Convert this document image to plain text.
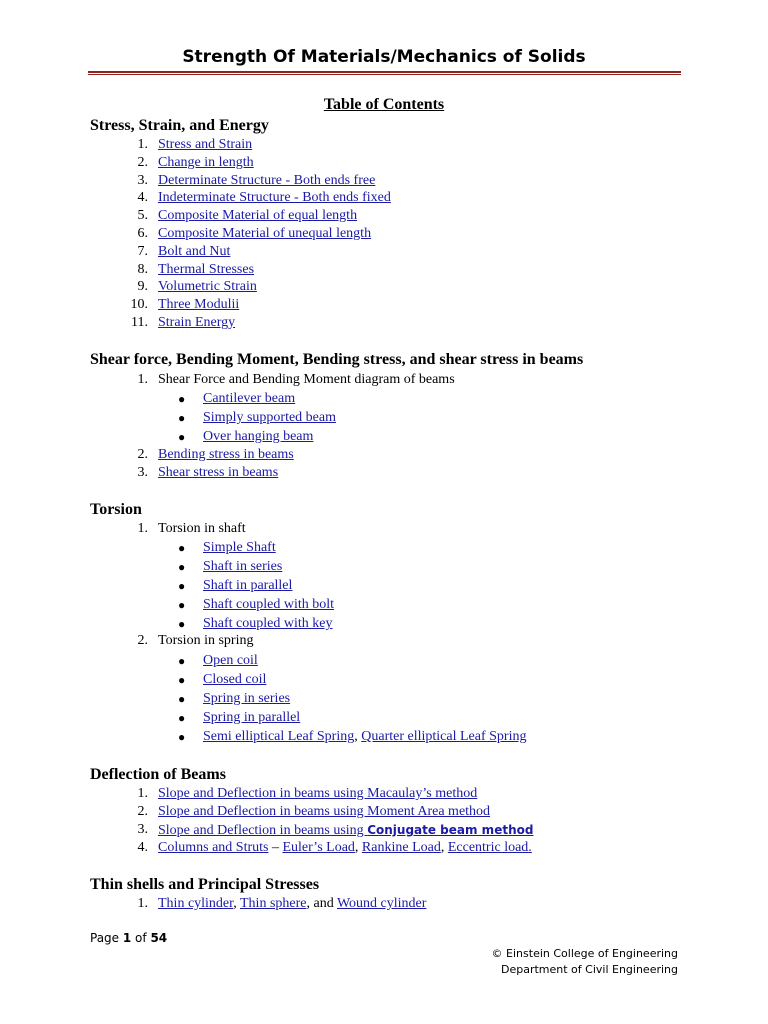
Strength Of Materials/Mechanics of Solids
Table of Contents
Stress, Strain, and Energy
1. Stress and Strain
2. Change in length
3. Determinate Structure - Both ends free
4. Indeterminate Structure - Both ends fixed
5. Composite Material of equal length
6. Composite Material of unequal length
7. Bolt and Nut
8. Thermal Stresses
9. Volumetric Strain
10. Three Modulii
11. Strain Energy
Shear force, Bending Moment, Bending stress, and shear stress in beams
1. Shear Force and Bending Moment diagram of beams
● Cantilever beam
● Simply supported beam
● Over hanging beam
2. Bending stress in beams
3. Shear stress in beams
Torsion
1. Torsion in shaft
● Simple Shaft
● Shaft in series
● Shaft in parallel
● Shaft coupled with bolt
● Shaft coupled with key
2. Torsion in spring
● Open coil
● Closed coil
● Spring in series
● Spring in parallel
● Semi elliptical Leaf Spring, Quarter elliptical Leaf Spring
Deflection of Beams
1. Slope and Deflection in beams using Macaulay’s method
2. Slope and Deflection in beams using Moment Area method
3. Slope and Deflection in beams using Conjugate beam method
4. Columns and Struts – Euler’s Load, Rankine Load, Eccentric load.
Thin shells and Principal Stresses
1. Thin cylinder, Thin sphere, and Wound cylinder
Page 1 of 54
© Einstein College of Engineering
Department of Civil Engineering
